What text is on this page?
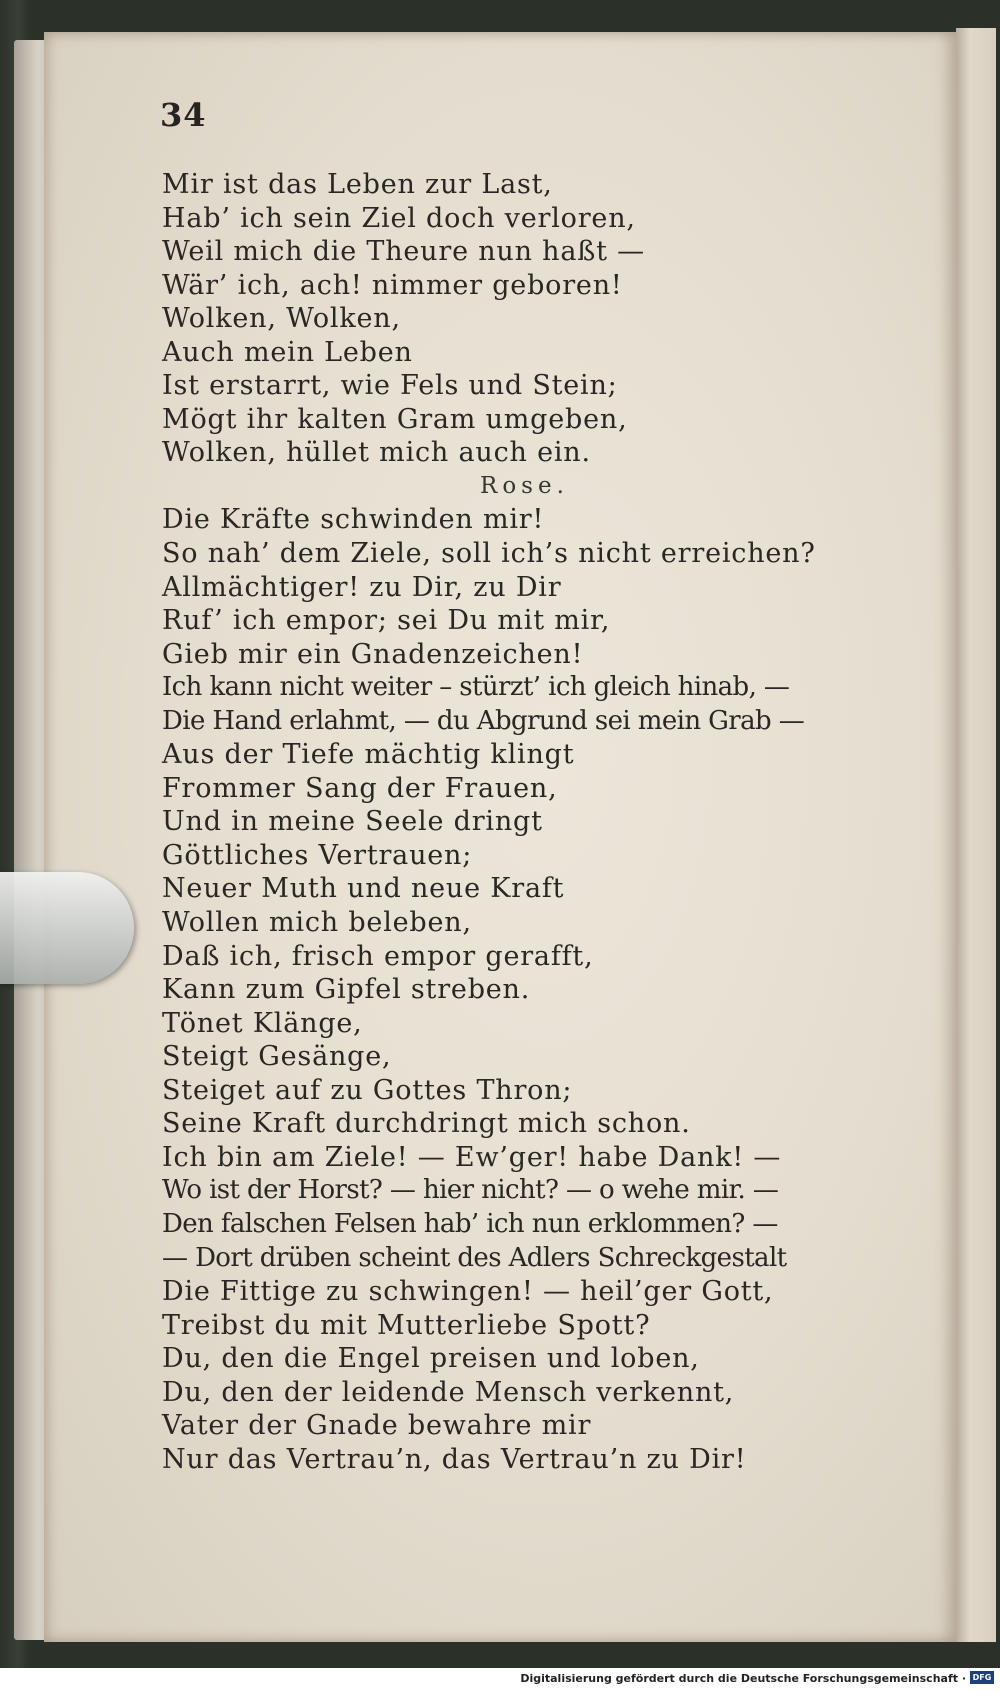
34
Mir ist das Leben zur Last,
Hab’ ich sein Ziel doch verloren,
Weil mich die Theure nun haßt —
Wär’ ich, ach! nimmer geboren!
Wolken, Wolken,
Auch mein Leben
Ist erstarrt, wie Fels und Stein;
Mögt ihr kalten Gram umgeben,
Wolken, hüllet mich auch ein.
Rose.
Die Kräfte schwinden mir!
So nah’ dem Ziele, soll ich’s nicht erreichen?
Allmächtiger! zu Dir, zu Dir
Ruf’ ich empor; sei Du mit mir,
Gieb mir ein Gnadenzeichen!
Ich kann nicht weiter – stürzt’ ich gleich hinab, —
Die Hand erlahmt, — du Abgrund sei mein Grab —
Aus der Tiefe mächtig klingt
Frommer Sang der Frauen,
Und in meine Seele dringt
Göttliches Vertrauen;
Neuer Muth und neue Kraft
Wollen mich beleben,
Daß ich, frisch empor gerafft,
Kann zum Gipfel streben.
Tönet Klänge,
Steigt Gesänge,
Steiget auf zu Gottes Thron;
Seine Kraft durchdringt mich schon.
Ich bin am Ziele! — Ew’ger! habe Dank! —
Wo ist der Horst? — hier nicht? — o wehe mir. —
Den falschen Felsen hab’ ich nun erklommen? —
— Dort drüben scheint des Adlers Schreckgestalt
Die Fittige zu schwingen! — heil’ger Gott,
Treibst du mit Mutterliebe Spott?
Du, den die Engel preisen und loben,
Du, den der leidende Mensch verkennt,
Vater der Gnade bewahre mir
Nur das Vertrau’n, das Vertrau’n zu Dir!
Digitalisierung gefördert durch die Deutsche Forschungsgemeinschaft · DFG
